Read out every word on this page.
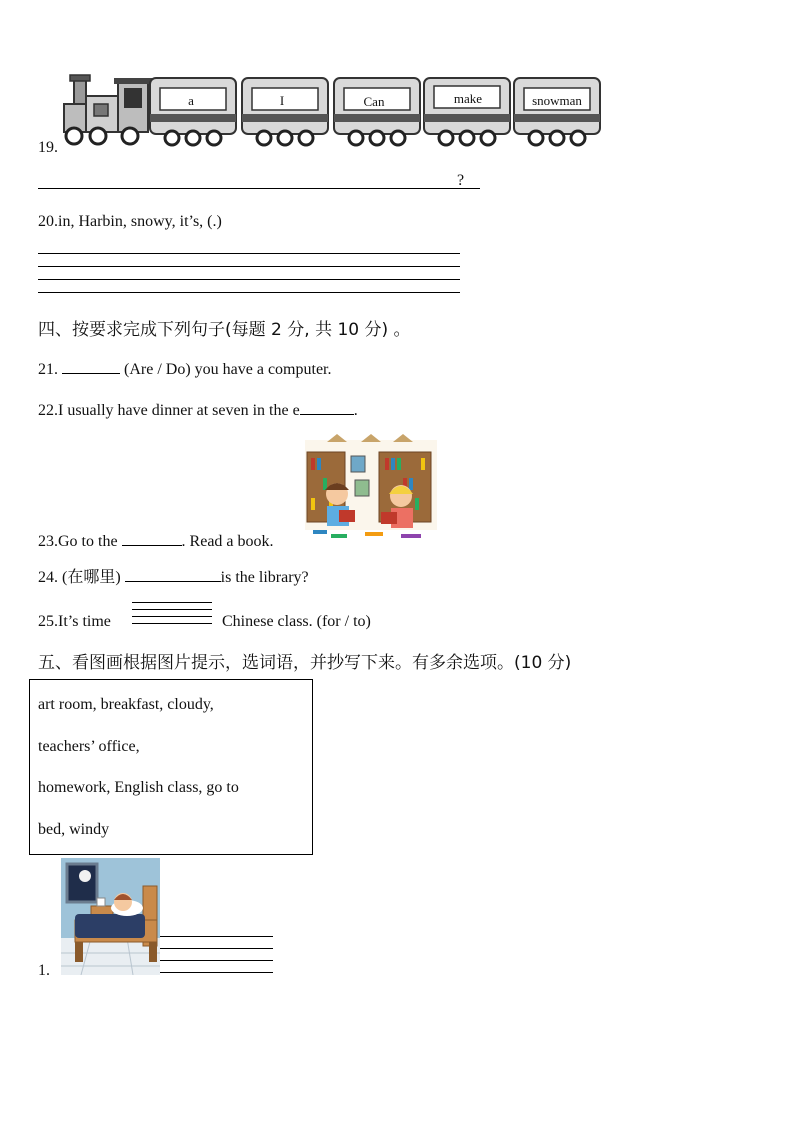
a	I	Can	make	snowman
19.
?
20.in, Harbin, snowy, it’s, (.)
四、按要求完成下列句子(每题 2 分, 共 10 分) 。
21.	(Are / Do) you have a computer.
22.I usually have dinner at seven in the e	.
23.Go to the	. Read a book.
24. (在哪里)	is the library?
25.It’s time	Chinese class. (for / to)
五、看图画根据图片提示，选词语，并抄写下来。有多余选项。(10 分)
art room, breakfast, cloudy,
teachers’ office,
homework, English class, go to
bed, windy
1.
